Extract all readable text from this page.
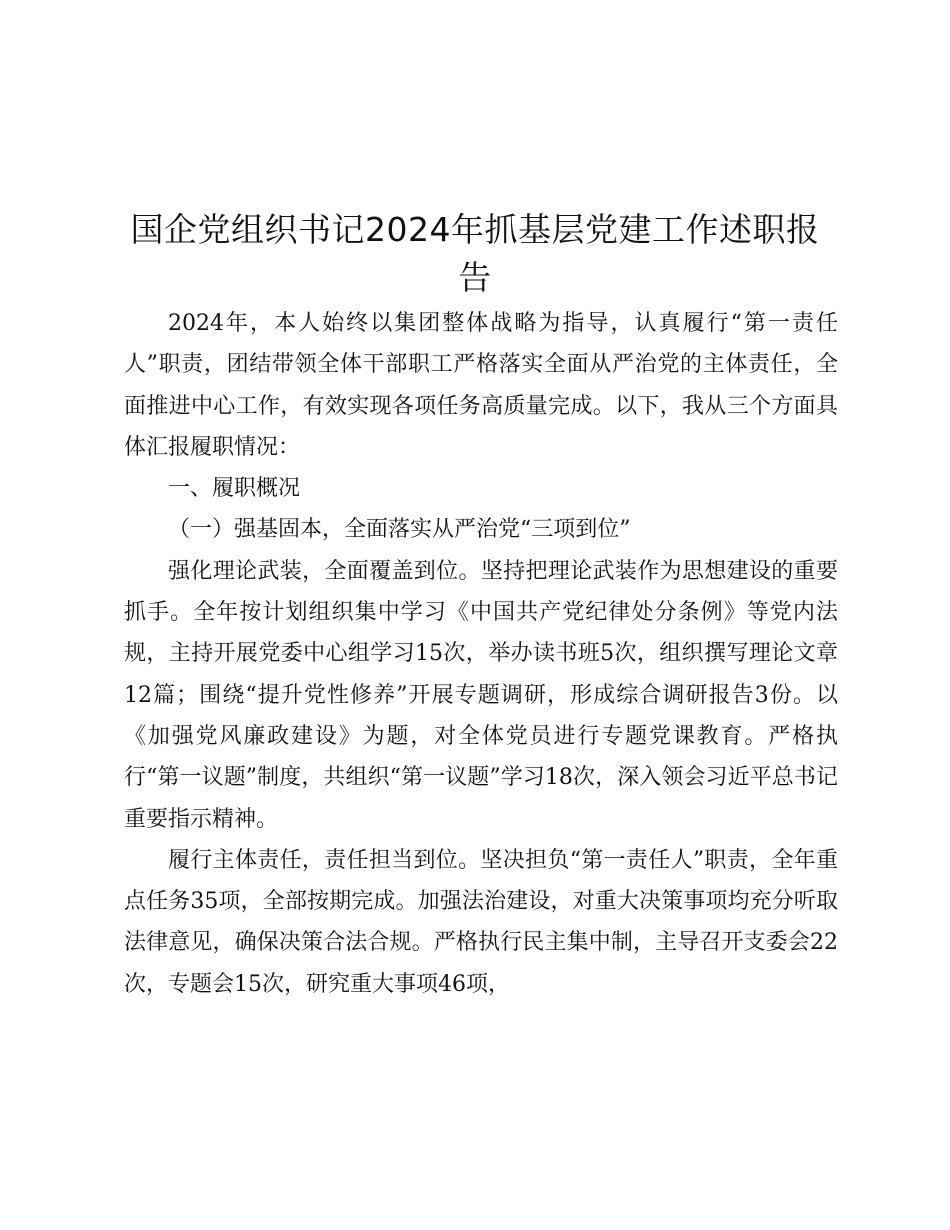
国企党组织书记2024年抓基层党建工作述职报告

2024年，本人始终以集团整体战略为指导，认真履行“第一责任人”职责，团结带领全体干部职工严格落实全面从严治党的主体责任，全面推进中心工作，有效实现各项任务高质量完成。以下，我从三个方面具体汇报履职情况：

一、履职概况

（一）强基固本，全面落实从严治党“三项到位”

强化理论武装，全面覆盖到位。坚持把理论武装作为思想建设的重要抓手。全年按计划组织集中学习《中国共产党纪律处分条例》等党内法规，主持开展党委中心组学习15次，举办读书班5次，组织撰写理论文章12篇；围绕“提升党性修养”开展专题调研，形成综合调研报告3份。以《加强党风廉政建设》为题，对全体党员进行专题党课教育。严格执行“第一议题”制度，共组织“第一议题”学习18次，深入领会习近平总书记重要指示精神。

履行主体责任，责任担当到位。坚决担负“第一责任人”职责，全年重点任务35项，全部按期完成。加强法治建设，对重大决策事项均充分听取法律意见，确保决策合法合规。严格执行民主集中制，主导召开支委会22次，专题会15次，研究重大事项46项，
